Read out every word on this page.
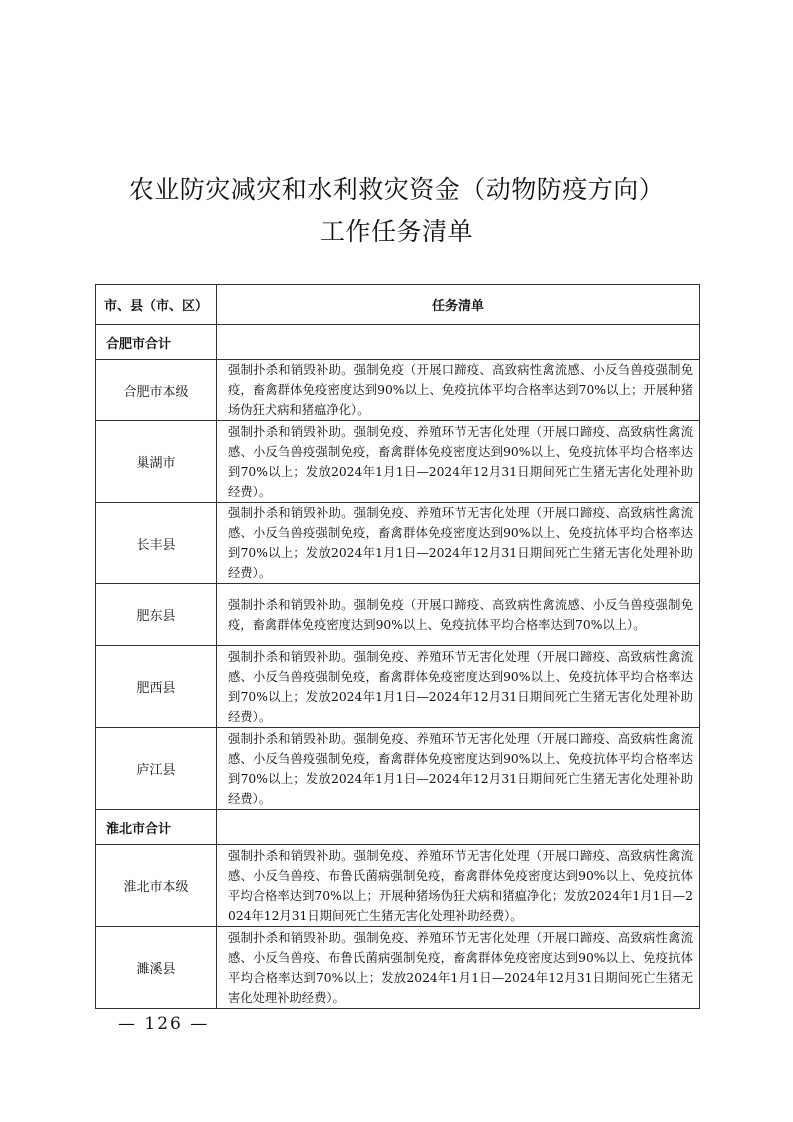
农业防灾减灾和水利救灾资金（动物防疫方向）
工作任务清单
市、县（市、区）	任务清单
合肥市合计	
合肥市本级	强制扑杀和销毁补助。强制免疫（开展口蹄疫、高致病性禽流感、小反刍兽疫强制免疫，畜禽群体免疫密度达到90%以上、免疫抗体平均合格率达到70%以上；开展种猪场伪狂犬病和猪瘟净化）。
巢湖市	强制扑杀和销毁补助。强制免疫、养殖环节无害化处理（开展口蹄疫、高致病性禽流感、小反刍兽疫强制免疫，畜禽群体免疫密度达到90%以上、免疫抗体平均合格率达到70%以上；发放2024年1月1日—2024年12月31日期间死亡生猪无害化处理补助经费）。
长丰县	强制扑杀和销毁补助。强制免疫、养殖环节无害化处理（开展口蹄疫、高致病性禽流感、小反刍兽疫强制免疫，畜禽群体免疫密度达到90%以上、免疫抗体平均合格率达到70%以上；发放2024年1月1日—2024年12月31日期间死亡生猪无害化处理补助经费）。
肥东县	强制扑杀和销毁补助。强制免疫（开展口蹄疫、高致病性禽流感、小反刍兽疫强制免疫，畜禽群体免疫密度达到90%以上、免疫抗体平均合格率达到70%以上）。
肥西县	强制扑杀和销毁补助。强制免疫、养殖环节无害化处理（开展口蹄疫、高致病性禽流感、小反刍兽疫强制免疫，畜禽群体免疫密度达到90%以上、免疫抗体平均合格率达到70%以上；发放2024年1月1日—2024年12月31日期间死亡生猪无害化处理补助经费）。
庐江县	强制扑杀和销毁补助。强制免疫、养殖环节无害化处理（开展口蹄疫、高致病性禽流感、小反刍兽疫强制免疫，畜禽群体免疫密度达到90%以上、免疫抗体平均合格率达到70%以上；发放2024年1月1日—2024年12月31日期间死亡生猪无害化处理补助经费）。
淮北市合计	
淮北市本级	强制扑杀和销毁补助。强制免疫、养殖环节无害化处理（开展口蹄疫、高致病性禽流感、小反刍兽疫、布鲁氏菌病强制免疫，畜禽群体免疫密度达到90%以上、免疫抗体平均合格率达到70%以上；开展种猪场伪狂犬病和猪瘟净化；发放2024年1月1日—2024年12月31日期间死亡生猪无害化处理补助经费）。
濉溪县	强制扑杀和销毁补助。强制免疫、养殖环节无害化处理（开展口蹄疫、高致病性禽流感、小反刍兽疫、布鲁氏菌病强制免疫，畜禽群体免疫密度达到90%以上、免疫抗体平均合格率达到70%以上；发放2024年1月1日—2024年12月31日期间死亡生猪无害化处理补助经费）。
— 126 —
